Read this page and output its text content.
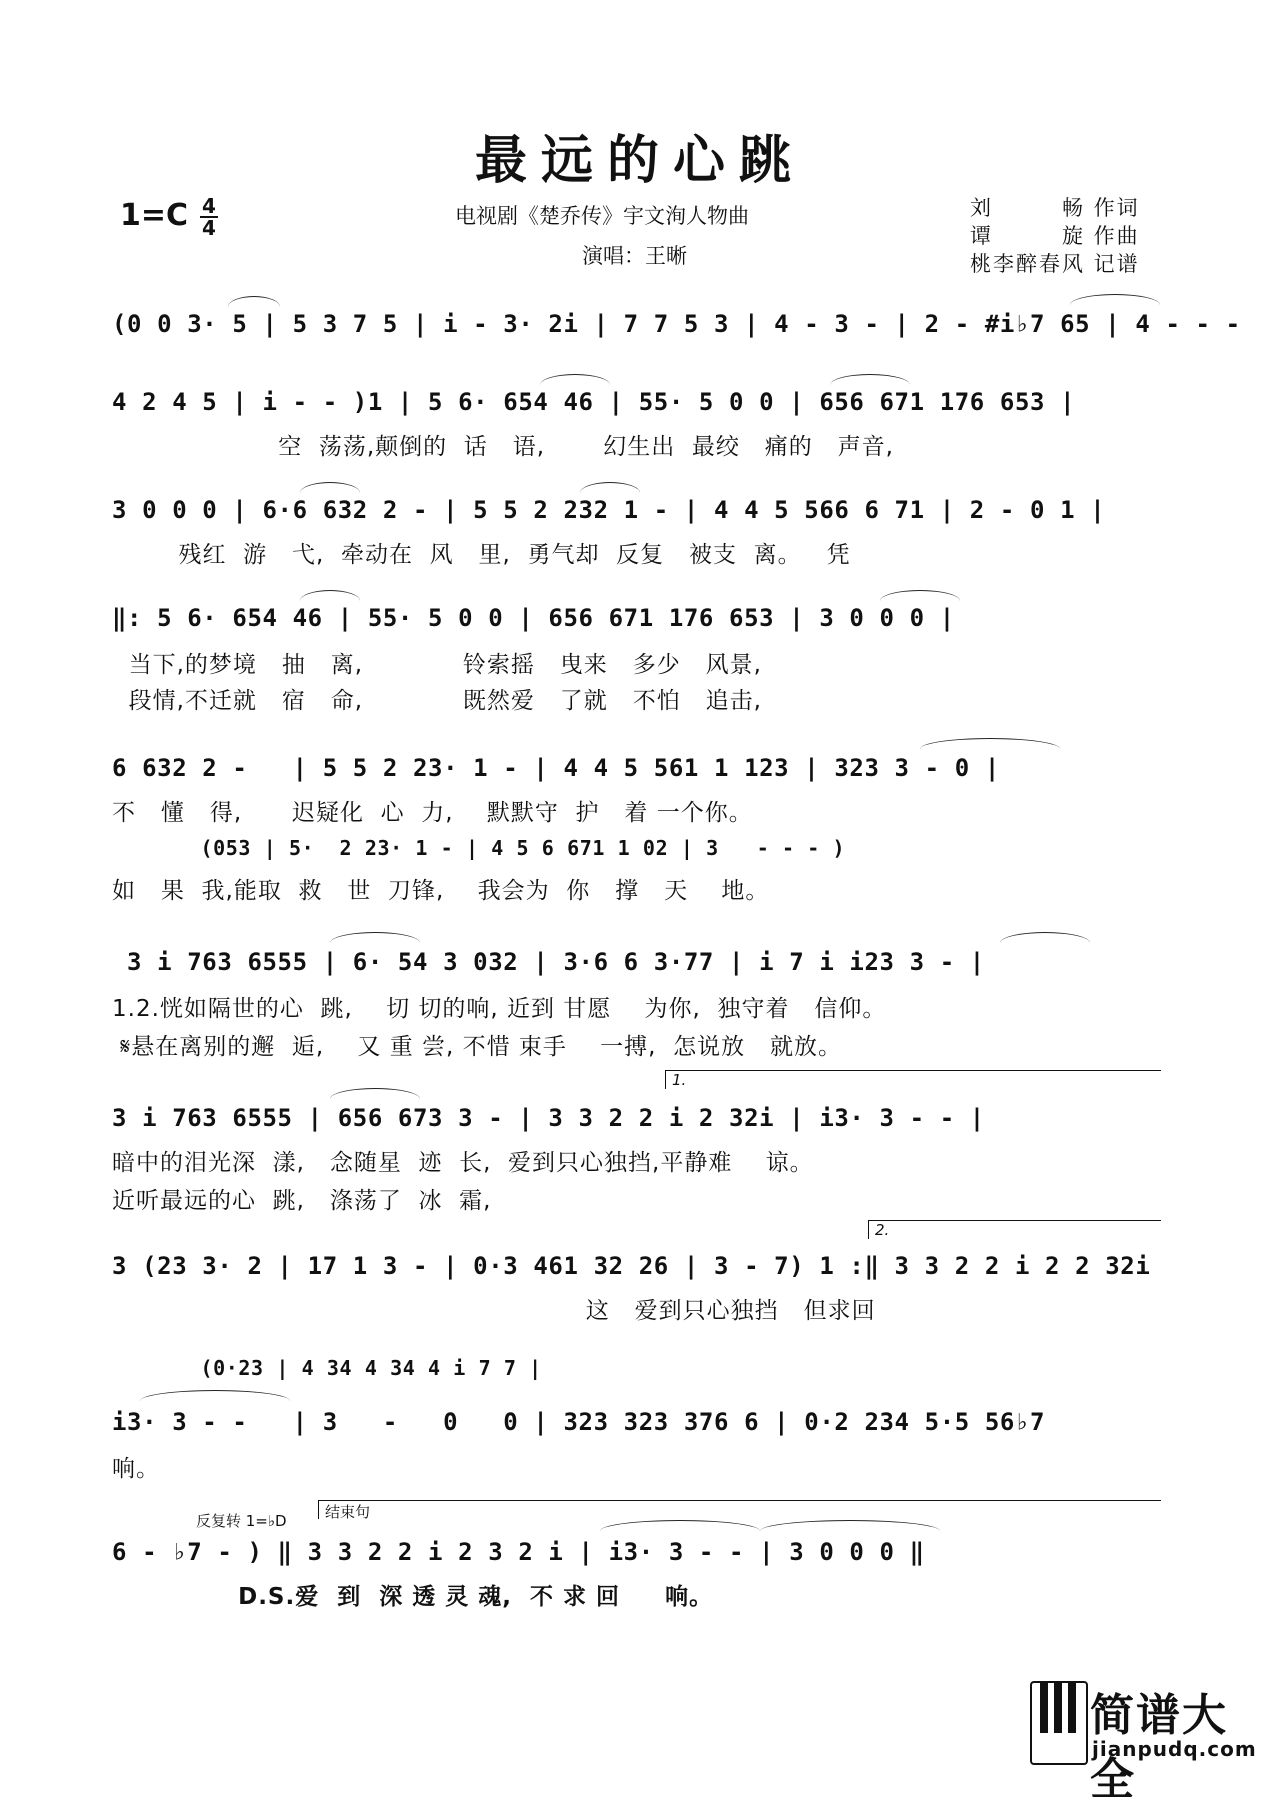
最远的心跳
1=C 4
4	电视剧《楚乔传》宇文洵人物曲
演唱：王晰
刘　　　畅 作词
谭　　　旋 作曲
桃李醉春风 记谱
(0 0 3· 5 | 5 3 7 5 | i - 3· 2i | 7 7 5 3 | 4 - 3 - | 2 - #i♭7 65 | 4 - - -
4 2 4 5 | i - - )1 | 5 6· 654 46 | 55· 5 0 0 | 656 671 176 653 |
空  荡荡,颠倒的  话   语,       幻生出  最绞   痛的   声音,
3 0 0 0 | 6·6 632 2 - | 5 5 2 232 1 - | 4 4 5 566 6 71 | 2 - 0 1 |
残红  游   弋,  牵动在  风   里,  勇气却  反复   被支  离。   凭
‖: 5 6· 654 46 | 55· 5 0 0 | 656 671 176 653 | 3 0 0 0 |
当下,的梦境   抽   离,            铃索摇   曳来   多少   风景,
段情,不迁就   宿   命,            既然爱   了就   不怕   追击,
6 632 2 -   | 5 5 2 23· 1 - | 4 4 5 561 1 123 | 323 3 - 0 |
不   懂   得,      迟疑化  心  力,    默默守  护   着 一个你。
(053 | 5·  2 23· 1 - | 4 5 6 671 1 02 | 3   - - - )
如   果  我,能取  救   世  刀锋,    我会为  你   撑   天    地。
3 i 763 6555 | 6· 54 3 032 | 3·6 6 3·77 | i 7 i i23 3 - |
1.2.恍如隔世的心  跳,    切 切的响, 近到 甘愿    为你,  独守着   信仰。
𝄋悬在离别的邂  逅,    又 重 尝, 不惜 束手    一搏,  怎说放   就放。
1.
3 i 763 6555 | 656 673 3 - | 3 3 2 2 i 2 32i | i3· 3 - - |
暗中的泪光深  漾,   念随星  迹  长,  爱到只心独挡,平静难    谅。
近听最远的心  跳,   涤荡了  冰  霜,
2.
3 (23 3· 2 | 17 1 3 - | 0·3 461 32 26 | 3 - 7) 1 :‖ 3 3 2 2 i 2 2 32i
这   爱到只心独挡   但求回
(0·23 | 4 34 4 34 4 i 7 7 |
i3· 3 - -   | 3   -   0   0 | 323 323 376 6 | 0·2 234 5·5 56♭7
响。
反复转 1=♭D	结束句
6 - ♭7 - ) ‖ 3 3 2 2 i 2 3 2 i | i3· 3 - - | 3 0 0 0 ‖
D.S.爱  到  深 透 灵 魂,  不 求 回     响。
简谱大全
jianpudq.com
